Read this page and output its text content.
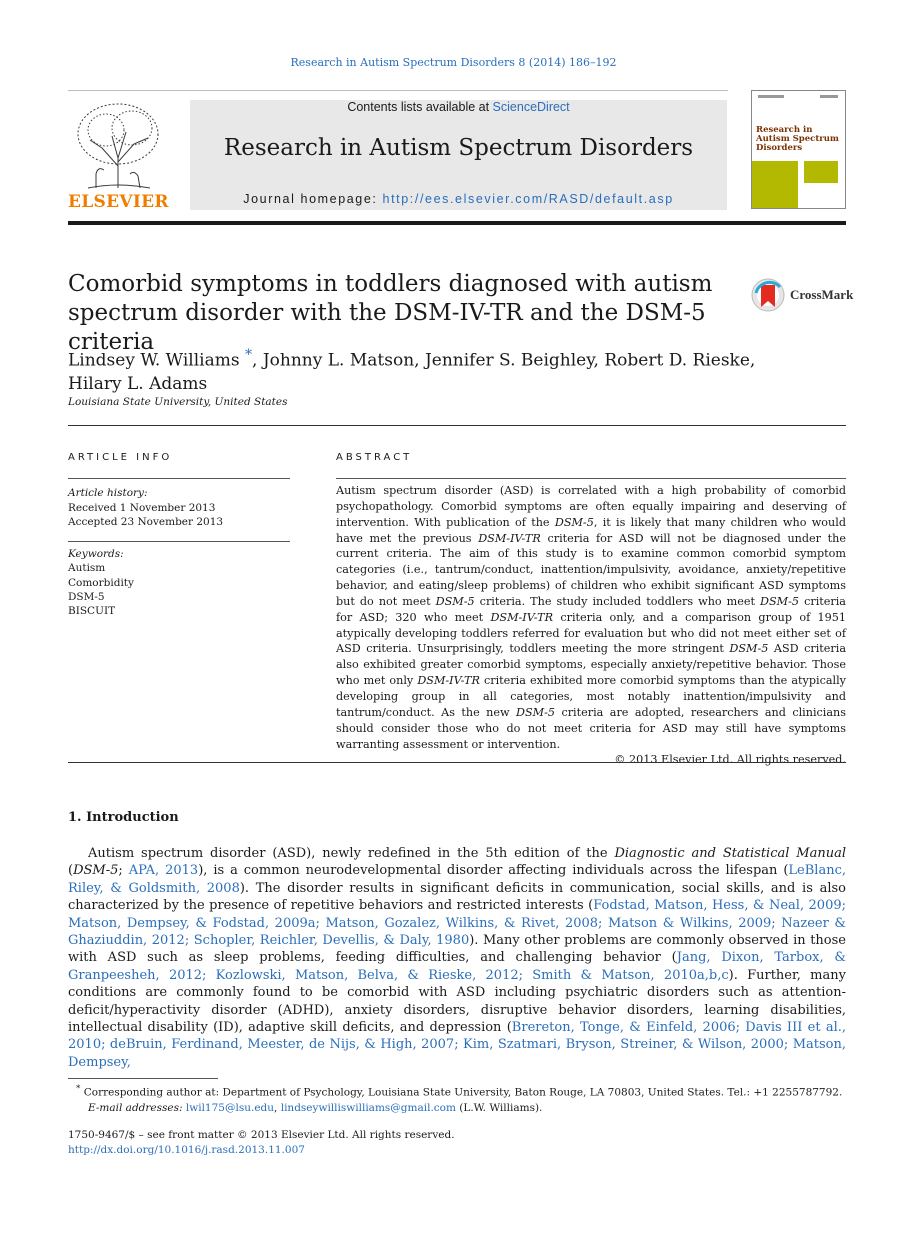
Research in Autism Spectrum Disorders 8 (2014) 186–192
ELSEVIER
Contents lists available at ScienceDirect
Research in Autism Spectrum Disorders
Journal homepage: http://ees.elsevier.com/RASD/default.asp
Research in
Autism Spectrum
Disorders
Comorbid symptoms in toddlers diagnosed with autism
spectrum disorder with the DSM-IV-TR and the DSM-5 criteria
CrossMark
Lindsey W. Williams *, Johnny L. Matson, Jennifer S. Beighley, Robert D. Rieske,
Hilary L. Adams
Louisiana State University, United States
ARTICLE INFO
Article history:
Received 1 November 2013
Accepted 23 November 2013
Keywords:
Autism
Comorbidity
DSM-5
BISCUIT
ABSTRACT
Autism spectrum disorder (ASD) is correlated with a high probability of comorbid psychopathology. Comorbid symptoms are often equally impairing and deserving of intervention. With publication of the DSM-5, it is likely that many children who would have met the previous DSM-IV-TR criteria for ASD will not be diagnosed under the current criteria. The aim of this study is to examine common comorbid symptom categories (i.e., tantrum/conduct, inattention/impulsivity, avoidance, anxiety/repetitive behavior, and eating/sleep problems) of children who exhibit significant ASD symptoms but do not meet DSM-5 criteria. The study included toddlers who meet DSM-5 criteria for ASD; 320 who meet DSM-IV-TR criteria only, and a comparison group of 1951 atypically developing toddlers referred for evaluation but who did not meet either set of ASD criteria. Unsurprisingly, toddlers meeting the more stringent DSM-5 ASD criteria also exhibited greater comorbid symptoms, especially anxiety/repetitive behavior. Those who met only DSM-IV-TR criteria exhibited more comorbid symptoms than the atypically developing group in all categories, most notably inattention/impulsivity and tantrum/conduct. As the new DSM-5 criteria are adopted, researchers and clinicians should consider those who do not meet criteria for ASD may still have symptoms warranting assessment or intervention.
© 2013 Elsevier Ltd. All rights reserved.
1. Introduction
Autism spectrum disorder (ASD), newly redefined in the 5th edition of the Diagnostic and Statistical Manual (DSM-5; APA, 2013), is a common neurodevelopmental disorder affecting individuals across the lifespan (LeBlanc, Riley, & Goldsmith, 2008). The disorder results in significant deficits in communication, social skills, and is also characterized by the presence of repetitive behaviors and restricted interests (Fodstad, Matson, Hess, & Neal, 2009; Matson, Dempsey, & Fodstad, 2009a; Matson, Gozalez, Wilkins, & Rivet, 2008; Matson & Wilkins, 2009; Nazeer & Ghaziuddin, 2012; Schopler, Reichler, Devellis, & Daly, 1980). Many other problems are commonly observed in those with ASD such as sleep problems, feeding difficulties, and challenging behavior (Jang, Dixon, Tarbox, & Granpeesheh, 2012; Kozlowski, Matson, Belva, & Rieske, 2012; Smith & Matson, 2010a,b,c). Further, many conditions are commonly found to be comorbid with ASD including psychiatric disorders such as attention-deficit/hyperactivity disorder (ADHD), anxiety disorders, disruptive behavior disorders, learning disabilities, intellectual disability (ID), adaptive skill deficits, and depression (Brereton, Tonge, & Einfeld, 2006; Davis III et al., 2010; deBruin, Ferdinand, Meester, de Nijs, & High, 2007; Kim, Szatmari, Bryson, Streiner, & Wilson, 2000; Matson, Dempsey,
* Corresponding author at: Department of Psychology, Louisiana State University, Baton Rouge, LA 70803, United States. Tel.: +1 2255787792.
E-mail addresses: lwil175@lsu.edu, lindseywilliswilliams@gmail.com (L.W. Williams).
1750-9467/$ – see front matter © 2013 Elsevier Ltd. All rights reserved.
http://dx.doi.org/10.1016/j.rasd.2013.11.007
